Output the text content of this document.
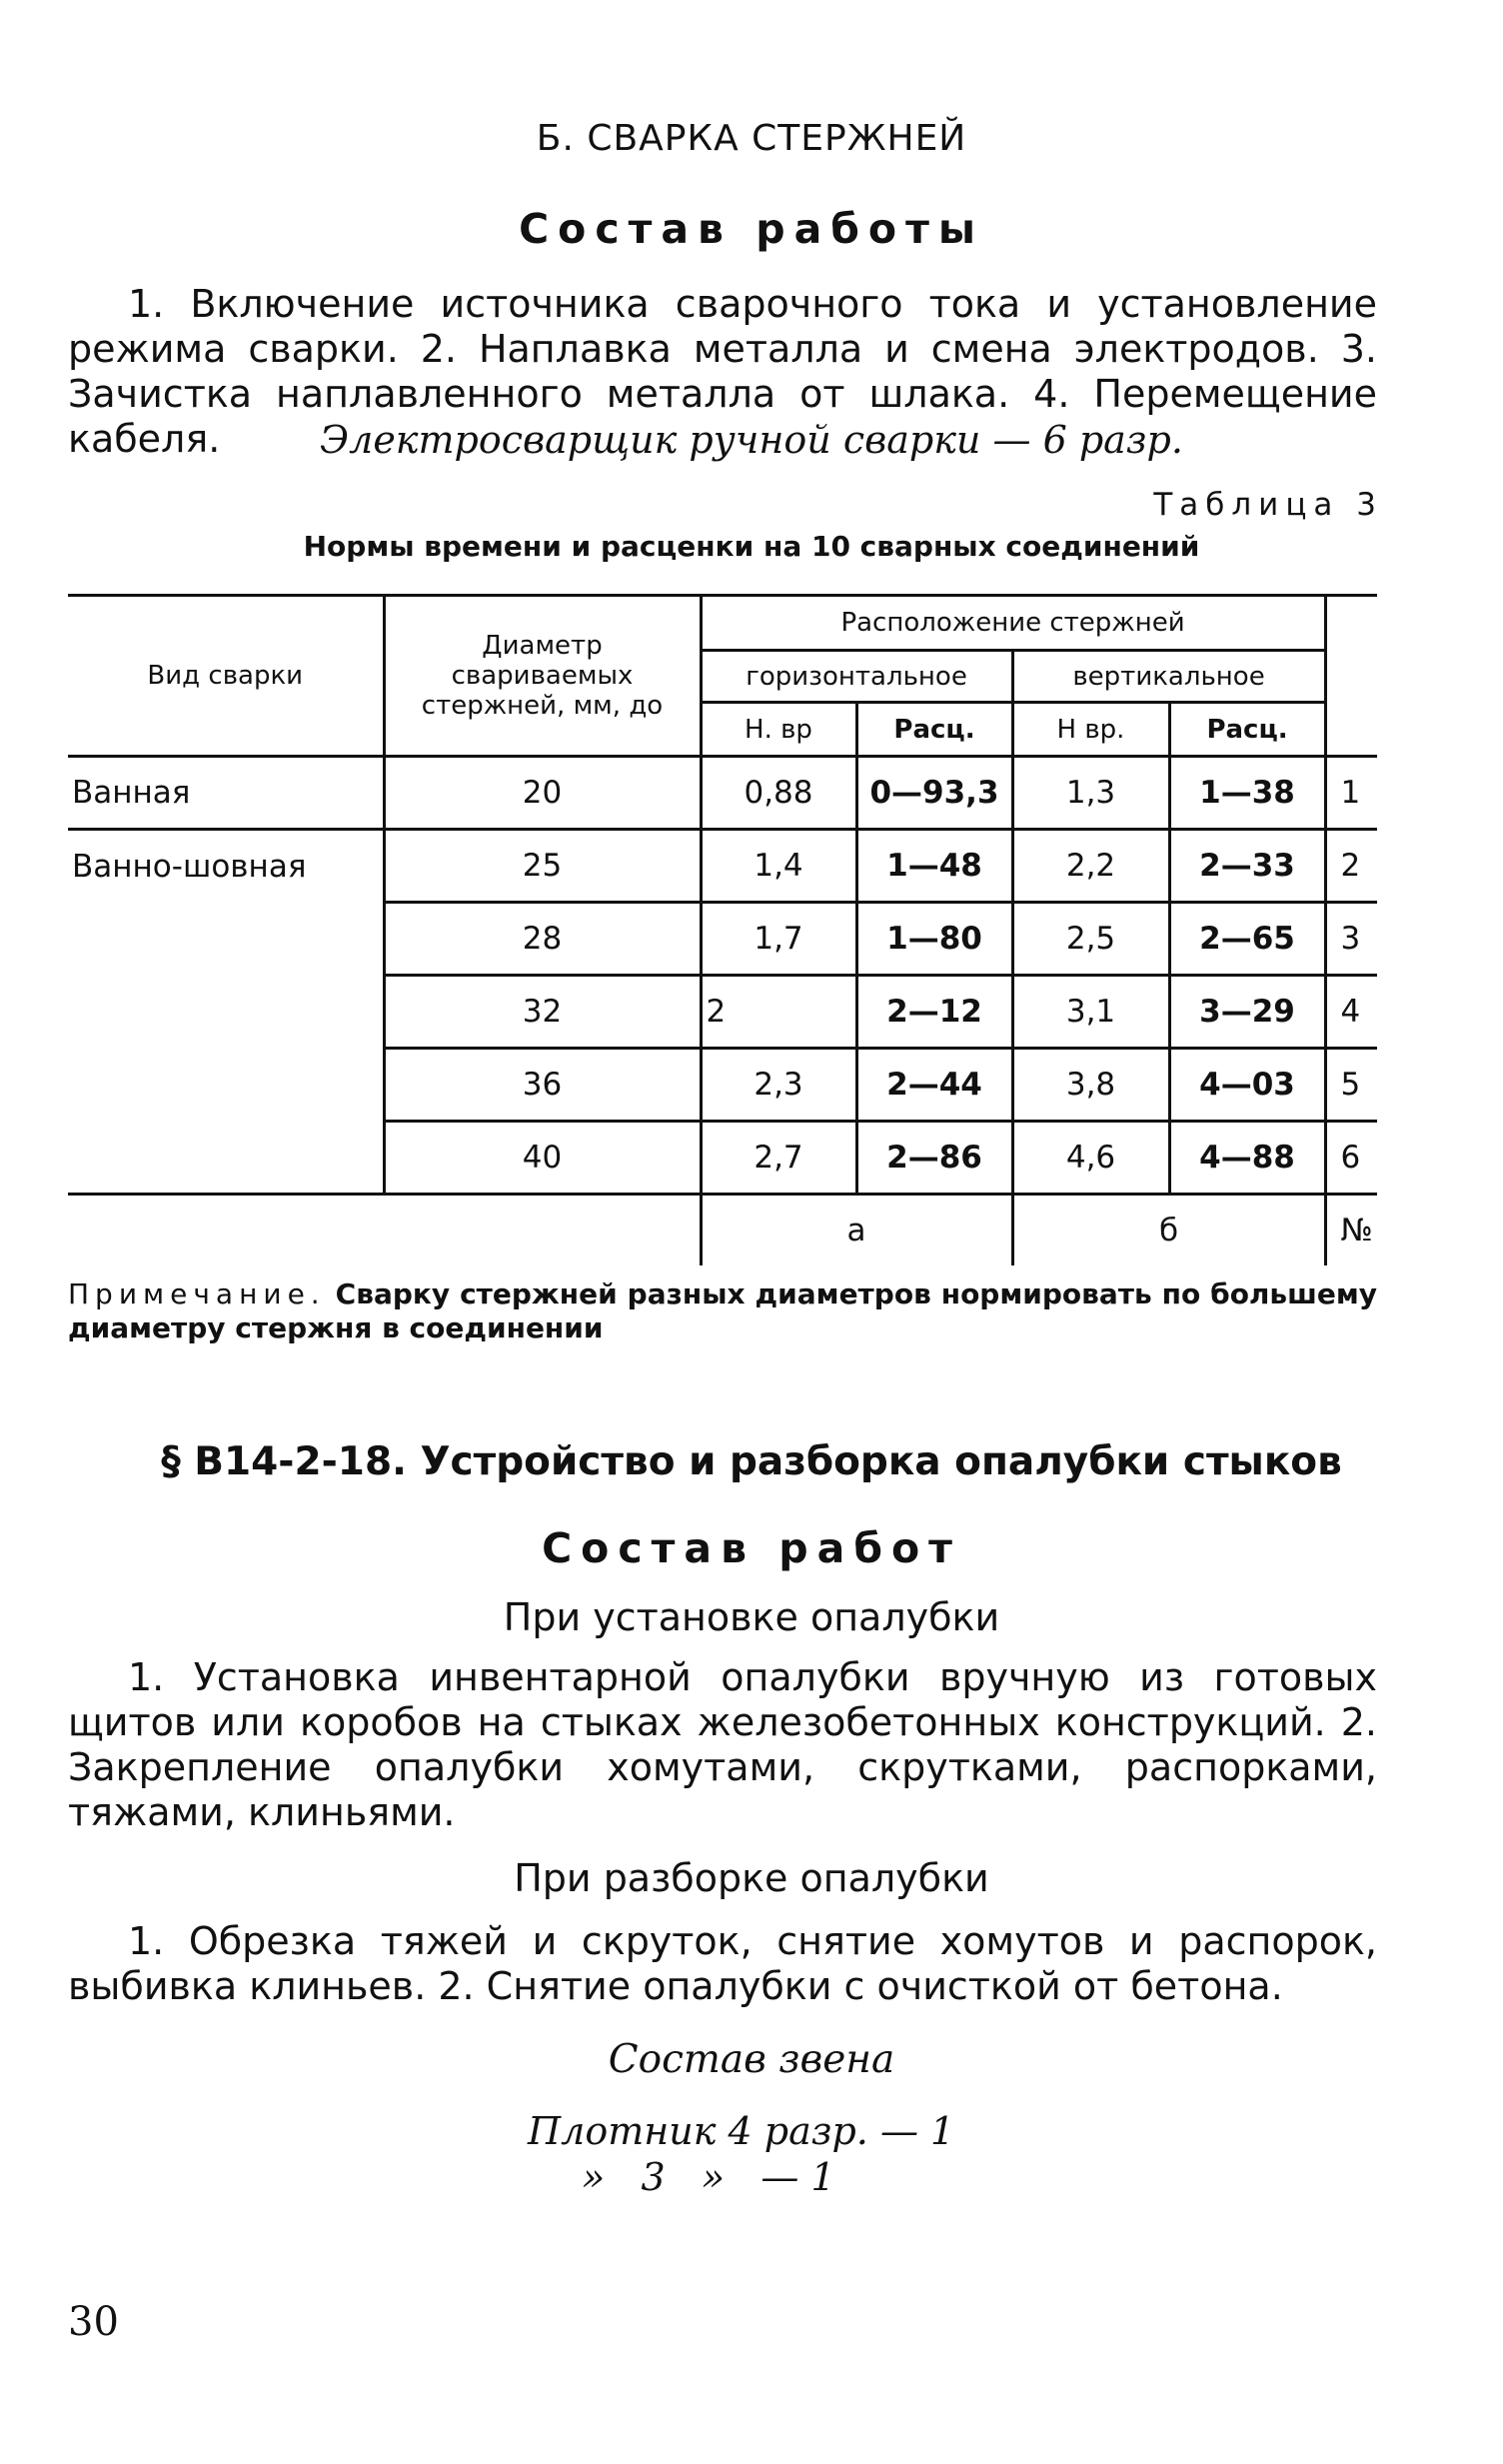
Б. СВАРКА СТЕРЖНЕЙ
Состав работы

1. Включение источника сварочного тока и установление режима сварки. 2. Наплавка металла и смена электродов. 3. Зачистка наплавленного металла от шлака. 4. Перемещение кабеля.	Электросварщик ручной сварки — 6 разр.
Таблица 3
Нормы времени и расценки на 10 сварных соединений
Вид сварки	Диаметр свариваемых стержней, мм, до	Расположение стержней				
		горизонтальное		вертикальное		
		Н. вр	Расц.	Н вр.	Расц.	
Ванная	20	0,88	0—93,3	1,3	1—38	1
Ванно-шовная	25	1,4	1—48	2,2	2—33	2
	28	1,7	1—80	2,5	2—65	3
	32	2	2—12	3,1	3—29	4
	36	2,3	2—44	3,8	4—03	5
	40	2,7	2—86	4,6	4—88	6
		а		б		№
Примечание. Сварку стержней разных диаметров нормировать по большему диаметру стержня в соединении
§ В14-2-18. Устройство и разборка опалубки стыков
Состав работ
При установке опалубки

1. Установка инвентарной опалубки вручную из готовых щитов или коробов на стыках железобетонных конструкций. 2. Закрепление опалубки хомутами, скрутками, распорками, тяжами, клиньями.

При разборке опалубки

1. Обрезка тяжей и скруток, снятие хомутов и распорок, выбивка клиньев. 2. Снятие опалубки с очисткой от бетона.

Состав звена
Плотник 4 разр. — 1
»   3   »   — 1
30
